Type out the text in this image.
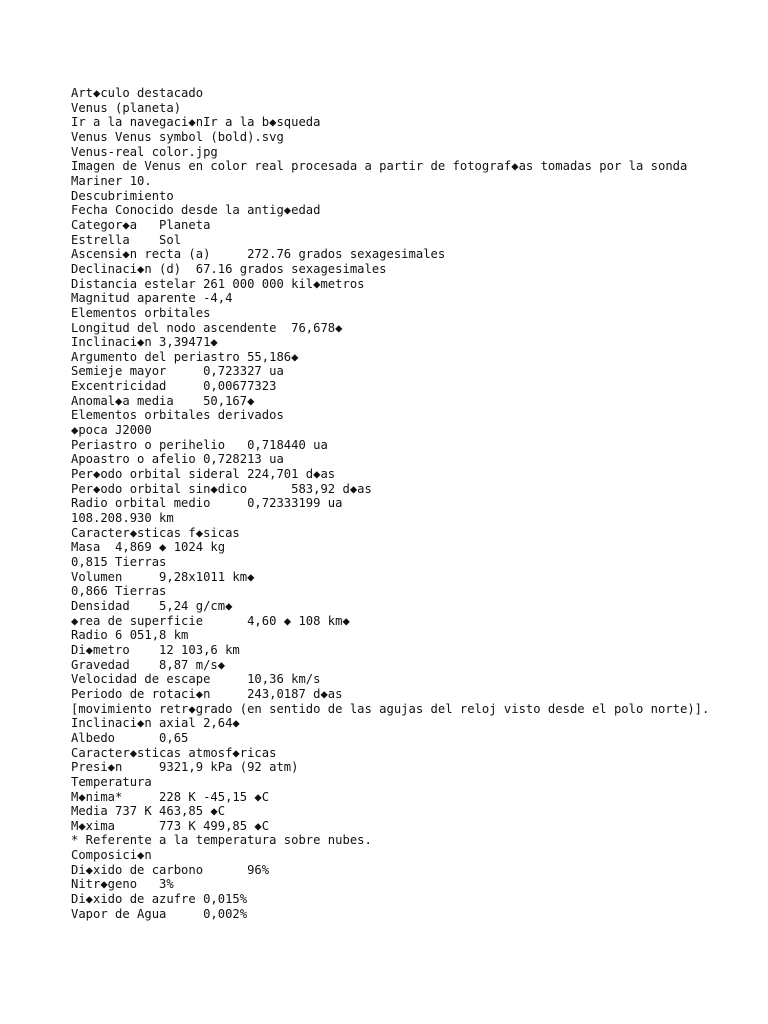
Art◆culo destacado
Venus (planeta)
Ir a la navegaci◆nIr a la b◆squeda
Venus Venus symbol (bold).svg
Venus-real color.jpg
Imagen de Venus en color real procesada a partir de fotograf◆as tomadas por la sonda Mariner 10.
Descubrimiento
Fecha Conocido desde la antig◆edad
Categor◆a   Planeta
Estrella    Sol
Ascensi◆n recta (a)     272.76 grados sexagesimales
Declinaci◆n (d)  67.16 grados sexagesimales
Distancia estelar 261 000 000 kil◆metros
Magnitud aparente -4,4
Elementos orbitales
Longitud del nodo ascendente  76,678◆
Inclinaci◆n 3,39471◆
Argumento del periastro 55,186◆
Semieje mayor     0,723327 ua
Excentricidad     0,00677323
Anomal◆a media    50,167◆
Elementos orbitales derivados
◆poca J2000
Periastro o perihelio   0,718440 ua
Apoastro o afelio 0,728213 ua
Per◆odo orbital sideral 224,701 d◆as
Per◆odo orbital sin◆dico      583,92 d◆as
Radio orbital medio     0,72333199 ua
108.208.930 km
Caracter◆sticas f◆sicas
Masa  4,869 ◆ 1024 kg
0,815 Tierras
Volumen     9,28x1011 km◆
0,866 Tierras
Densidad    5,24 g/cm◆
◆rea de superficie      4,60 ◆ 108 km◆
Radio 6 051,8 km
Di◆metro    12 103,6 km
Gravedad    8,87 m/s◆
Velocidad de escape     10,36 km/s
Periodo de rotaci◆n     243,0187 d◆as
[movimiento retr◆grado (en sentido de las agujas del reloj visto desde el polo norte)].
Inclinaci◆n axial 2,64◆
Albedo      0,65
Caracter◆sticas atmosf◆ricas
Presi◆n     9321,9 kPa (92 atm)
Temperatura
M◆nima*     228 K -45,15 ◆C
Media 737 K 463,85 ◆C
M◆xima      773 K 499,85 ◆C
* Referente a la temperatura sobre nubes.
Composici◆n
Di◆xido de carbono      96%
Nitr◆geno   3%
Di◆xido de azufre 0,015%
Vapor de Agua     0,002%
